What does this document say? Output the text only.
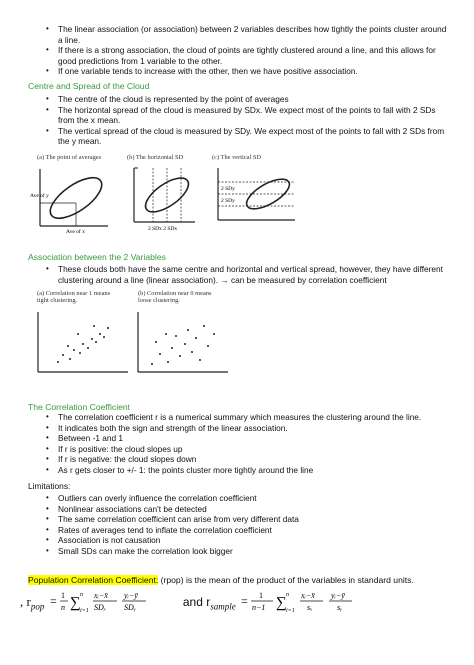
• The linear association (or association) between 2 variables describes how tightly the points cluster around a line.
• If there is a strong association, the cloud of points are tightly clustered around a line, and this allows for good predictions from 1 variable to the other.
• If one variable tends to increase with the other, then we have positive association.
Centre and Spread of the Cloud
• The centre of the cloud is represented by the point of averages
• The horizontal spread of the cloud is measured by SDx. We expect most of the points to fall with 2 SDs from the x mean.
• The vertical spread of the cloud is measured by SDy. We expect most of the points to fall with 2 SDs from the y mean.
(a) The point of averages	(b) The horizontal SD	(c) The vertical SD
Ave of y
Ave of x	2 SDx 2 SDx
2 SDy
2 SDy
Association between the 2 Variables
• These clouds both have the same centre and horizontal and vertical spread, however, they have different clustering around a line (linear association). → can be measured by correlation coefficient
(a) Correlation near 1 means tight clustering.
(b) Correlation near 0 means loose clustering.
The Correlation Coefficient
• The correlation coefficient r is a numerical summary which measures the clustering around the line.
• It indicates both the sign and strength of the linear association.
• Between -1 and 1
• If r is positive: the cloud slopes up
• If r is negative: the cloud slopes down
• As r gets closer to +/- 1: the points cluster more tightly around the line
Limitations:
• Outliers can overly influence the correlation coefficient
• Nonlinear associations can't be detected
• The same correlation coefficient can arise from very different data
• Rates of averages tend to inflate the correlation coefficient
• Association is not causation
• Small SDs can make the correlation look bigger
Population Correlation Coefficient: (rpop) is the mean of the product of the variables in standard units.
, $r_{pop} = 1$
n ∑ n
i=1
xᵢ−x̄
SDₓ
yᵢ−ȳ
SDᵧ	and $r_{sample} = 1$
n−1 ∑ n
i=1
xᵢ−x̄
sₓ
yᵢ−ȳ
sᵧ
